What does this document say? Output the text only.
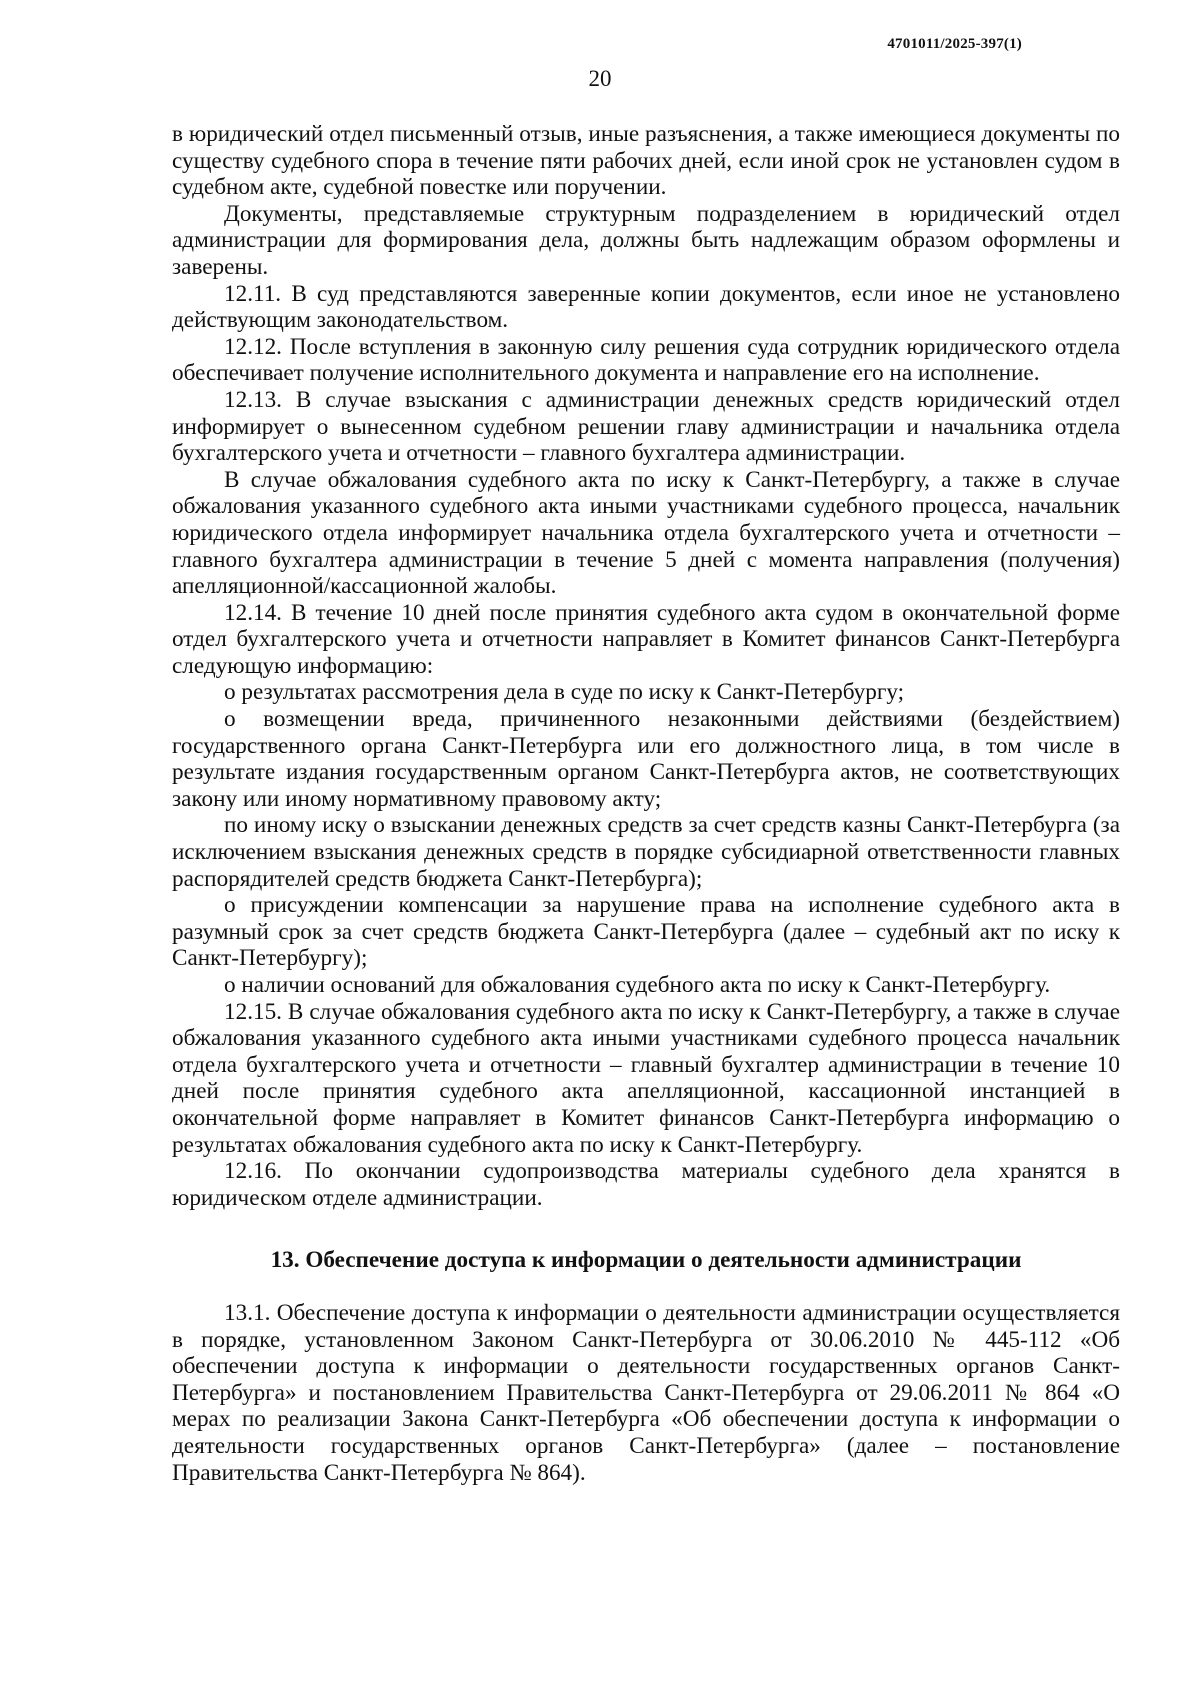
4701011/2025-397(1)
20

в юридический отдел письменный отзыв, иные разъяснения, а также имеющиеся документы по существу судебного спора в течение пяти рабочих дней, если иной срок не установлен судом в судебном акте, судебной повестке или поручении.

Документы, представляемые структурным подразделением в юридический отдел администрации для формирования дела, должны быть надлежащим образом оформлены и заверены.

12.11. В суд представляются заверенные копии документов, если иное не установлено действующим законодательством.

12.12. После вступления в законную силу решения суда сотрудник юридического отдела обеспечивает получение исполнительного документа и направление его на исполнение.

12.13. В случае взыскания с администрации денежных средств юридический отдел информирует о вынесенном судебном решении главу администрации и начальника отдела бухгалтерского учета и отчетности – главного бухгалтера администрации.

В случае обжалования судебного акта по иску к Санкт-Петербургу, а также в случае обжалования указанного судебного акта иными участниками судебного процесса, начальник юридического отдела информирует начальника отдела бухгалтерского учета и отчетности – главного бухгалтера администрации в течение 5 дней с момента направления (получения) апелляционной/кассационной жалобы.

12.14. В течение 10 дней после принятия судебного акта судом в окончательной форме отдел бухгалтерского учета и отчетности направляет в Комитет финансов Санкт-Петербурга следующую информацию:

о результатах рассмотрения дела в суде по иску к Санкт-Петербургу;

о возмещении вреда, причиненного незаконными действиями (бездействием) государственного органа Санкт-Петербурга или его должностного лица, в том числе в результате издания государственным органом Санкт-Петербурга актов, не соответствующих закону или иному нормативному правовому акту;

по иному иску о взыскании денежных средств за счет средств казны Санкт-Петербурга (за исключением взыскания денежных средств в порядке субсидиарной ответственности главных распорядителей средств бюджета Санкт-Петербурга);

о присуждении компенсации за нарушение права на исполнение судебного акта в разумный срок за счет средств бюджета Санкт-Петербурга (далее – судебный акт по иску к Санкт-Петербургу);

о наличии оснований для обжалования судебного акта по иску к Санкт-Петербургу.

12.15. В случае обжалования судебного акта по иску к Санкт-Петербургу, а также в случае обжалования указанного судебного акта иными участниками судебного процесса начальник отдела бухгалтерского учета и отчетности – главный бухгалтер администрации в течение 10 дней после принятия судебного акта апелляционной, кассационной инстанцией в окончательной форме направляет в Комитет финансов Санкт-Петербурга информацию о результатах обжалования судебного акта по иску к Санкт-Петербургу.

12.16. По окончании судопроизводства материалы судебного дела хранятся в юридическом отделе администрации.

13. Обеспечение доступа к информации о деятельности администрации

13.1. Обеспечение доступа к информации о деятельности администрации осуществляется в порядке, установленном Законом Санкт-Петербурга от 30.06.2010 № 445-112 «Об обеспечении доступа к информации о деятельности государственных органов Санкт-Петербурга» и постановлением Правительства Санкт-Петербурга от 29.06.2011 № 864 «О мерах по реализации Закона Санкт-Петербурга «Об обеспечении доступа к информации о деятельности государственных органов Санкт-Петербурга» (далее – постановление Правительства Санкт-Петербурга № 864).
